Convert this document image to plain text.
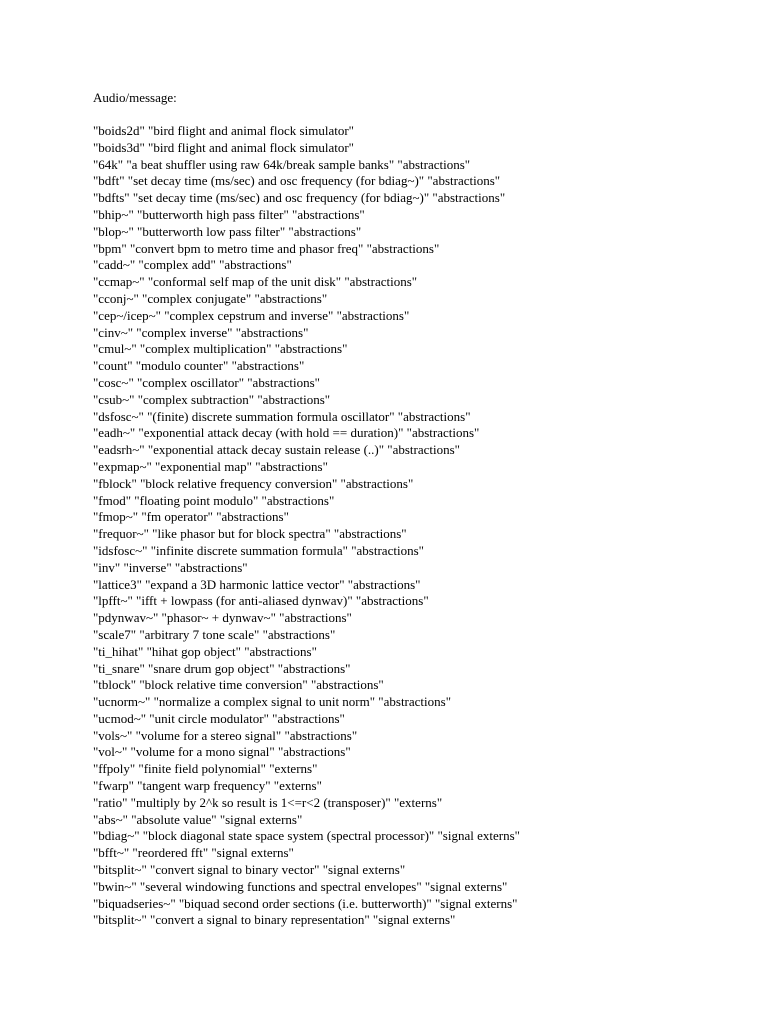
Audio/message:
"boids2d" "bird flight and animal flock simulator"
"boids3d" "bird flight and animal flock simulator"
"64k" "a beat shuffler using raw 64k/break sample banks" "abstractions"
"bdft" "set decay time (ms/sec) and osc frequency (for bdiag~)" "abstractions"
"bdfts" "set decay time (ms/sec) and osc frequency (for bdiag~)" "abstractions"
"bhip~" "butterworth high pass filter" "abstractions"
"blop~" "butterworth low pass filter" "abstractions"
"bpm" "convert bpm to metro time and phasor freq" "abstractions"
"cadd~" "complex add" "abstractions"
"ccmap~" "conformal self map of the unit disk" "abstractions"
"cconj~" "complex conjugate" "abstractions"
"cep~/icep~" "complex cepstrum and inverse" "abstractions"
"cinv~" "complex inverse" "abstractions"
"cmul~" "complex multiplication" "abstractions"
"count" "modulo counter" "abstractions"
"cosc~" "complex oscillator" "abstractions"
"csub~" "complex subtraction" "abstractions"
"dsfosc~" "(finite) discrete summation formula oscillator" "abstractions"
"eadh~" "exponential attack decay (with hold == duration)" "abstractions"
"eadsrh~" "exponential attack decay sustain release (..)" "abstractions"
"expmap~" "exponential map" "abstractions"
"fblock" "block relative frequency conversion" "abstractions"
"fmod" "floating point modulo" "abstractions"
"fmop~" "fm operator" "abstractions"
"frequor~" "like phasor but for block spectra" "abstractions"
"idsfosc~" "infinite discrete summation formula" "abstractions"
"inv" "inverse" "abstractions"
"lattice3" "expand a 3D harmonic lattice vector" "abstractions"
"lpfft~" "ifft + lowpass (for anti-aliased dynwav)" "abstractions"
"pdynwav~" "phasor~ + dynwav~" "abstractions"
"scale7" "arbitrary 7 tone scale" "abstractions"
"ti_hihat" "hihat gop object" "abstractions"
"ti_snare" "snare drum gop object" "abstractions"
"tblock" "block relative time conversion" "abstractions"
"ucnorm~" "normalize a complex signal to unit norm" "abstractions"
"ucmod~" "unit circle modulator" "abstractions"
"vols~" "volume for a stereo signal" "abstractions"
"vol~" "volume for a mono signal" "abstractions"
"ffpoly" "finite field polynomial" "externs"
"fwarp" "tangent warp frequency" "externs"
"ratio" "multiply by 2^k so result is 1<=r<2 (transposer)" "externs"
"abs~" "absolute value" "signal externs"
"bdiag~" "block diagonal state space system (spectral processor)" "signal externs"
"bfft~" "reordered fft" "signal externs"
"bitsplit~" "convert signal to binary vector" "signal externs"
"bwin~" "several windowing functions and spectral envelopes" "signal externs"
"biquadseries~" "biquad second order sections (i.e. butterworth)" "signal externs"
"bitsplit~" "convert a signal to binary representation" "signal externs"
